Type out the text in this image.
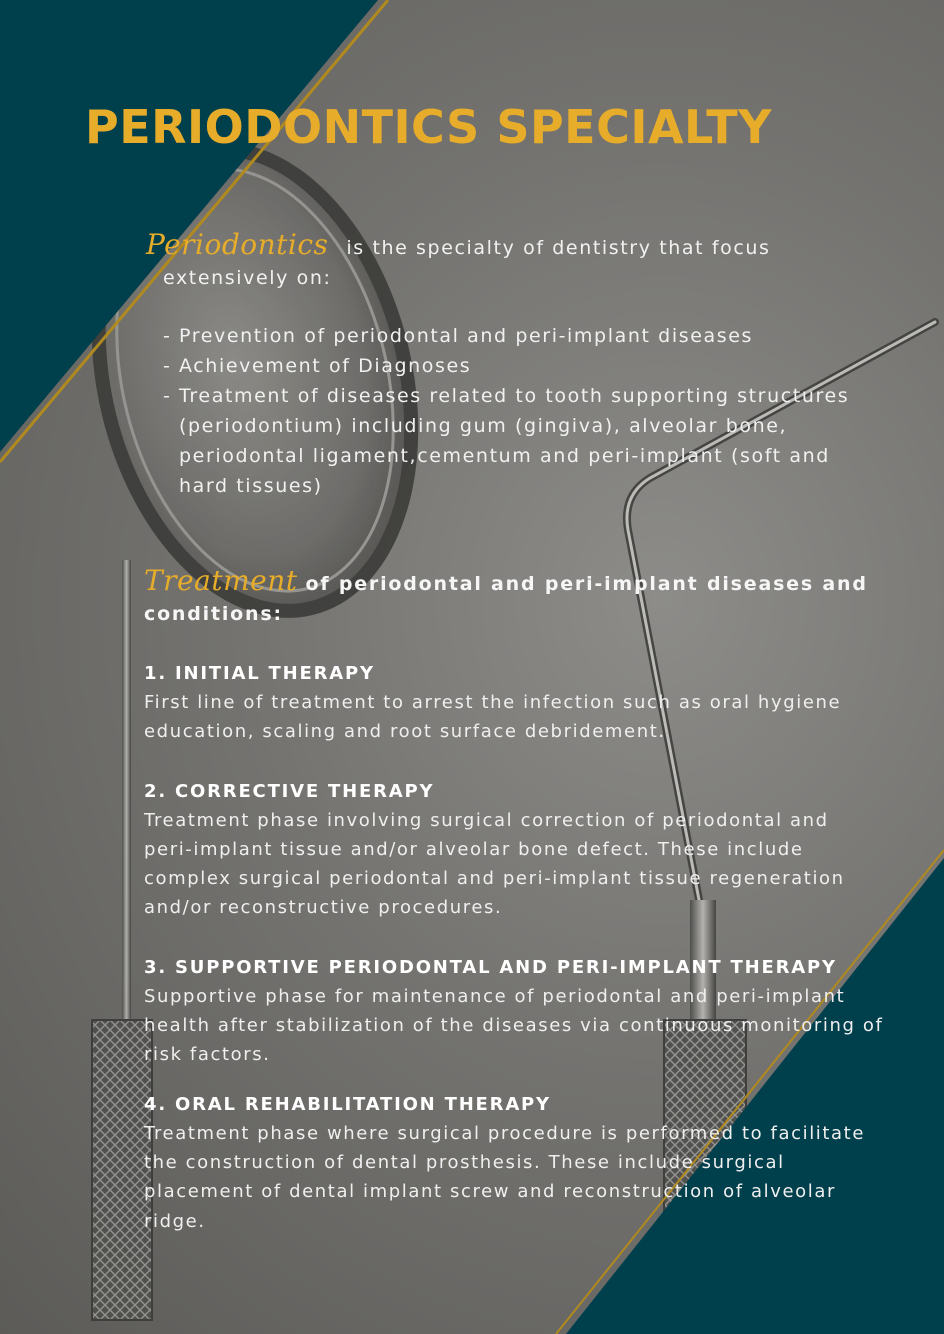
PERIODONTICS SPECIALTY
Periodontics is the specialty of dentistry that focus
extensively on:
- Prevention of periodontal and peri-implant diseases
- Achievement of Diagnoses
- Treatment of diseases related to tooth supporting structures (periodontium) including gum (gingiva), alveolar bone, periodontal ligament,cementum and peri-implant (soft and hard tissues)
Treatment of periodontal and peri-implant diseases and conditions:
1. INITIAL THERAPY
First line of treatment to arrest the infection such as oral hygiene education, scaling and root surface debridement.
2. CORRECTIVE THERAPY
Treatment phase involving surgical correction of periodontal and peri-implant tissue and/or alveolar bone defect. These include complex surgical periodontal and peri-implant tissue regeneration and/or reconstructive procedures.
3. SUPPORTIVE PERIODONTAL AND PERI-IMPLANT THERAPY
Supportive phase for maintenance of periodontal and peri-implant health after stabilization of the diseases via continuous monitoring of risk factors.
4. ORAL REHABILITATION THERAPY
Treatment phase where surgical procedure is performed to facilitate the construction of dental prosthesis. These include surgical placement of dental implant screw and reconstruction of alveolar ridge.
